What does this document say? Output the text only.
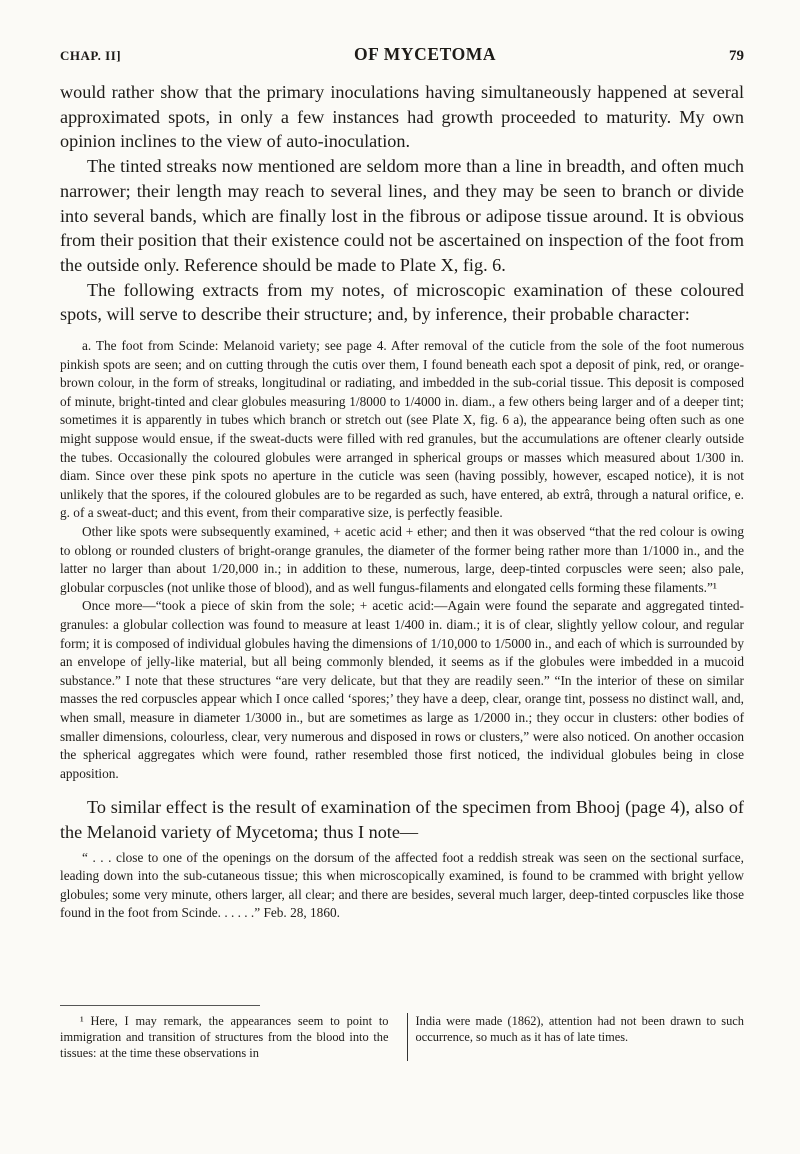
CHAP. II]	OF MYCETOMA	79

would rather show that the primary inoculations having simultaneously happened at several approximated spots, in only a few instances had growth proceeded to maturity. My own opinion inclines to the view of auto-inoculation.

The tinted streaks now mentioned are seldom more than a line in breadth, and often much narrower; their length may reach to several lines, and they may be seen to branch or divide into several bands, which are finally lost in the fibrous or adipose tissue around. It is obvious from their position that their existence could not be ascertained on inspection of the foot from the outside only. Reference should be made to Plate X, fig. 6.

The following extracts from my notes, of microscopic examination of these coloured spots, will serve to describe their structure; and, by inference, their probable character:

a. The foot from Scinde: Melanoid variety; see page 4. After removal of the cuticle from the sole of the foot numerous pinkish spots are seen; and on cutting through the cutis over them, I found beneath each spot a deposit of pink, red, or orange-brown colour, in the form of streaks, longitudinal or radiating, and imbedded in the sub-corial tissue. This deposit is composed of minute, bright-tinted and clear globules measuring 1/8000 to 1/4000 in. diam., a few others being larger and of a deeper tint; sometimes it is apparently in tubes which branch or stretch out (see Plate X, fig. 6 a), the appearance being often such as one might suppose would ensue, if the sweat-ducts were filled with red granules, but the accumulations are oftener clearly outside the tubes. Occasionally the coloured globules were arranged in spherical groups or masses which measured about 1/300 in. diam. Since over these pink spots no aperture in the cuticle was seen (having possibly, however, escaped notice), it is not unlikely that the spores, if the coloured globules are to be regarded as such, have entered, ab extrâ, through a natural orifice, e. g. of a sweat-duct; and this event, from their comparative size, is perfectly feasible.

Other like spots were subsequently examined, + acetic acid + ether; and then it was observed “that the red colour is owing to oblong or rounded clusters of bright-orange granules, the diameter of the former being rather more than 1/1000 in., and the latter no larger than about 1/20,000 in.; in addition to these, numerous, large, deep-tinted corpuscles were seen; also pale, globular corpuscles (not unlike those of blood), and as well fungus-filaments and elongated cells forming these filaments.”¹

Once more—“took a piece of skin from the sole; + acetic acid:—Again were found the separate and aggregated tinted-granules: a globular collection was found to measure at least 1/400 in. diam.; it is of clear, slightly yellow colour, and regular form; it is composed of individual globules having the dimensions of 1/10,000 to 1/5000 in., and each of which is surrounded by an envelope of jelly-like material, but all being commonly blended, it seems as if the globules were imbedded in a mucoid substance.” I note that these structures “are very delicate, but that they are readily seen.” “In the interior of these on similar masses the red corpuscles appear which I once called ‘spores;’ they have a deep, clear, orange tint, possess no distinct wall, and, when small, measure in diameter 1/3000 in., but are sometimes as large as 1/2000 in.; they occur in clusters: other bodies of smaller dimensions, colourless, clear, very numerous and disposed in rows or clusters,” were also noticed. On another occasion the spherical aggregates which were found, rather resembled those first noticed, the individual globules being in close apposition.

To similar effect is the result of examination of the specimen from Bhooj (page 4), also of the Melanoid variety of Mycetoma; thus I note—

“ . . . close to one of the openings on the dorsum of the affected foot a reddish streak was seen on the sectional surface, leading down into the sub-cutaneous tissue; this when microscopically examined, is found to be crammed with bright yellow globules; some very minute, others larger, all clear; and there are besides, several much larger, deep-tinted corpuscles like those found in the foot from Scinde. . . . . .” Feb. 28, 1860.

¹ Here, I may remark, the appearances seem to point to immigration and transition of structures from the blood into the tissues: at the time these observations in
India were made (1862), attention had not been drawn to such occurrence, so much as it has of late times.
